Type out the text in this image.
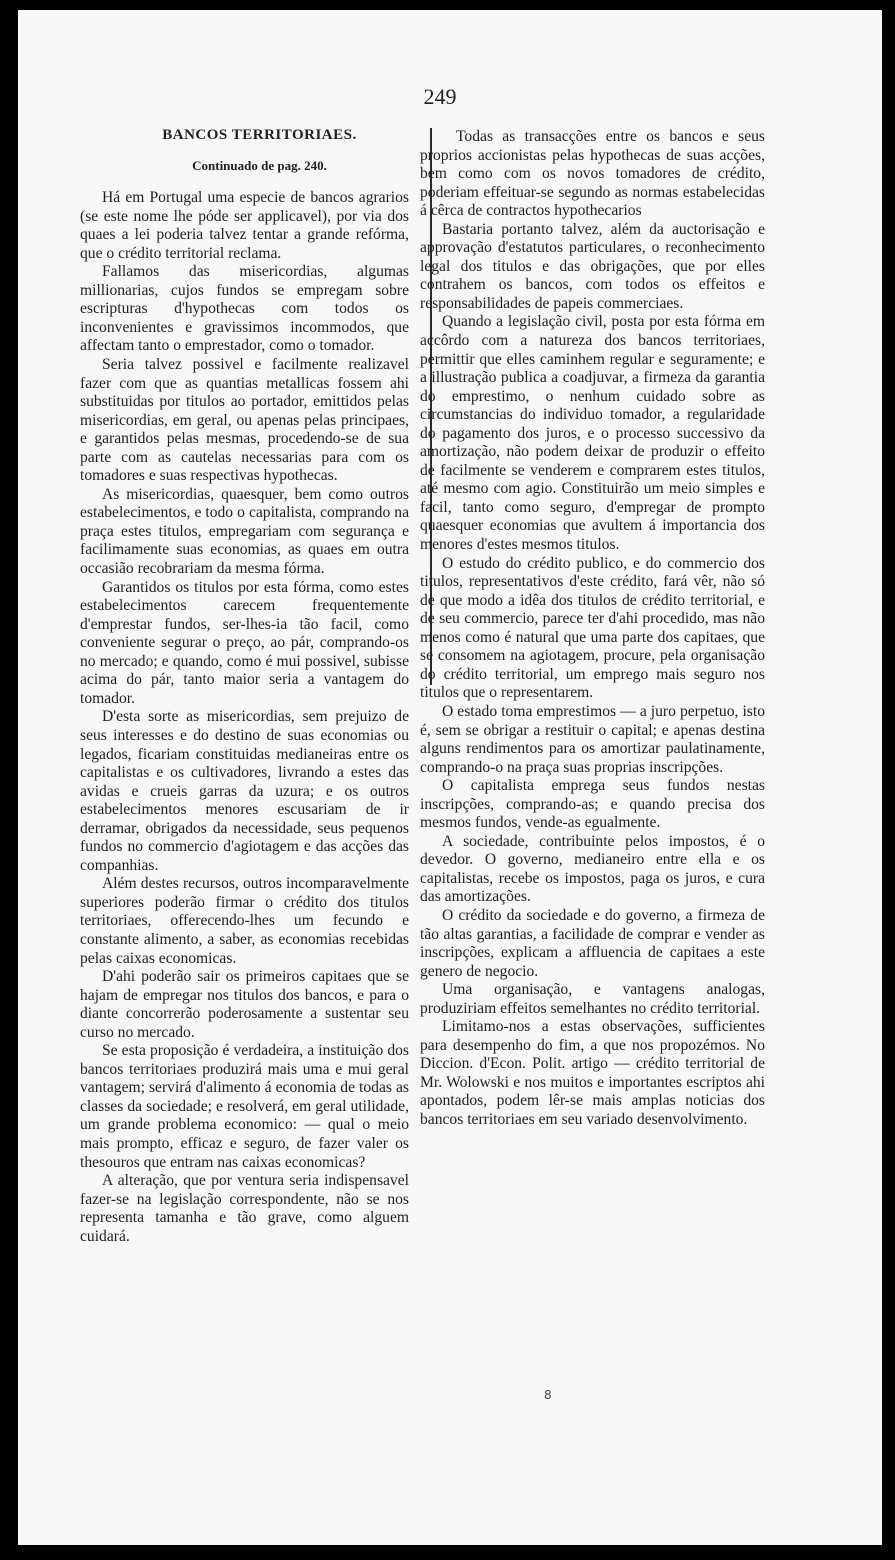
249
BANCOS TERRITORIAES.
Continuado de pag. 240.

Há em Portugal uma especie de bancos agrarios (se este nome lhe póde ser applicavel), por via dos quaes a lei poderia talvez tentar a grande refórma, que o crédito territorial reclama.

Fallamos das misericordias, algumas millionarias, cujos fundos se empregam sobre escripturas d'hypothecas com todos os inconvenientes e gravissimos incommodos, que affectam tanto o emprestador, como o tomador.

Seria talvez possivel e facilmente realizavel fazer com que as quantias metallicas fossem ahi substituidas por titulos ao portador, emittidos pelas misericordias, em geral, ou apenas pelas principaes, e garantidos pelas mesmas, procedendo-se de sua parte com as cautelas necessarias para com os tomadores e suas respectivas hypothecas.

As misericordias, quaesquer, bem como outros estabelecimentos, e todo o capitalista, comprando na praça estes titulos, empregariam com segurança e facilimamente suas economias, as quaes em outra occasião recobrariam da mesma fórma.

Garantidos os titulos por esta fórma, como estes estabelecimentos carecem frequentemente d'emprestar fundos, ser-lhes-ia tão facil, como conveniente segurar o preço, ao pár, comprando-os no mercado; e quando, como é mui possivel, subisse acima do pár, tanto maior seria a vantagem do tomador.

D'esta sorte as misericordias, sem prejuizo de seus interesses e do destino de suas economias ou legados, ficariam constituidas medianeiras entre os capitalistas e os cultivadores, livrando a estes das avidas e crueis garras da uzura; e os outros estabelecimentos menores escusariam de ir derramar, obrigados da necessidade, seus pequenos fundos no commercio d'agiotagem e das acções das companhias.

Além destes recursos, outros incomparavelmente superiores poderão firmar o crédito dos titulos territoriaes, offerecendo-lhes um fecundo e constante alimento, a saber, as economias recebidas pelas caixas economicas.

D'ahi poderão sair os primeiros capitaes que se hajam de empregar nos titulos dos bancos, e para o diante concorrerão poderosamente a sustentar seu curso no mercado.

Se esta proposição é verdadeira, a instituição dos bancos territoriaes produzirá mais uma e mui geral vantagem; servirá d'alimento á economia de todas as classes da sociedade; e resolverá, em geral utilidade, um grande problema economico: — qual o meio mais prompto, efficaz e seguro, de fazer valer os thesouros que entram nas caixas economicas?

A alteração, que por ventura seria indispensavel fazer-se na legislação correspondente, não se nos representa tamanha e tão grave, como alguem cuidará.

Todas as transacções entre os bancos e seus proprios accionistas pelas hypothecas de suas acções, bem como com os novos tomadores de crédito, poderiam effeituar-se segundo as normas estabelecidas á cêrca de contractos hypothecarios

Bastaria portanto talvez, além da auctorisação e approvação d'estatutos particulares, o reconhecimento legal dos titulos e das obrigações, que por elles contrahem os bancos, com todos os effeitos e responsabilidades de papeis commerciaes.

Quando a legislação civil, posta por esta fórma em accôrdo com a natureza dos bancos territoriaes, permittir que elles caminhem regular e seguramente; e a illustração publica a coadjuvar, a firmeza da garantia do emprestimo, o nenhum cuidado sobre as circumstancias do individuo tomador, a regularidade do pagamento dos juros, e o processo successivo da amortização, não podem deixar de produzir o effeito de facilmente se venderem e comprarem estes titulos, até mesmo com agio. Constituirão um meio simples e facil, tanto como seguro, d'empregar de prompto quaesquer economias que avultem á importancia dos menores d'estes mesmos titulos.

O estudo do crédito publico, e do commercio dos titulos, representativos d'este crédito, fará vêr, não só de que modo a idêa dos titulos de crédito territorial, e de seu commercio, parece ter d'ahi procedido, mas não menos como é natural que uma parte dos capitaes, que se consomem na agiotagem, procure, pela organisação do crédito territorial, um emprego mais seguro nos titulos que o representarem.

O estado toma emprestimos — a juro perpetuo, isto é, sem se obrigar a restituir o capital; e apenas destina alguns rendimentos para os amortizar paulatinamente, comprando-o na praça suas proprias inscripções.

O capitalista emprega seus fundos nestas inscripções, comprando-as; e quando precisa dos mesmos fundos, vende-as egualmente.

A sociedade, contribuinte pelos impostos, é o devedor. O governo, medianeiro entre ella e os capitalistas, recebe os impostos, paga os juros, e cura das amortizações.

O crédito da sociedade e do governo, a firmeza de tão altas garantias, a facilidade de comprar e vender as inscripções, explicam a affluencia de capitaes a este genero de negocio.

Uma organisação, e vantagens analogas, produziriam effeitos semelhantes no crédito territorial.

Limitamo-nos a estas observações, sufficientes para desempenho do fim, a que nos propozémos. No Diccion. d'Econ. Polit. artigo — crédito territorial de Mr. Wolowski e nos muitos e importantes escriptos ahi apontados, podem lêr-se mais amplas noticias dos bancos territoriaes em seu variado desenvolvimento.

8
